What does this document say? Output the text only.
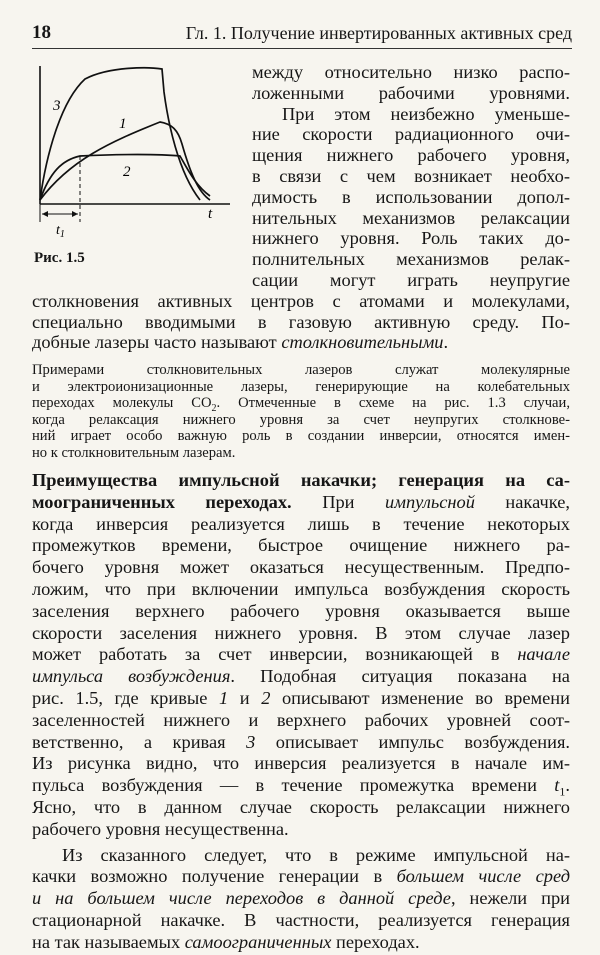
18	Гл. 1. Получение инвертированных активных сред
3
1
2
t
$t_1$
Рис. 1.5
между относительно низко распо-
ложенными рабочими уровнями.
При этом неизбежно уменьше-
ние скорости радиационного очи-
щения нижнего рабочего уровня,
в связи с чем возникает необхо-
димость в использовании допол-
нительных механизмов релаксации
нижнего уровня. Роль таких до-
полнительных механизмов релак-
сации могут играть неупругие
столкновения активных центров с атомами и молекулами,
специально вводимыми в газовую активную среду. По-
добные лазеры часто называют столкновительными.
Примерами столкновительных лазеров служат молекулярные
и электроионизационные лазеры, генерирующие на колебательных
переходах молекулы $CO_2$. Отмеченные в схеме на рис. 1.3 случаи,
когда релаксация нижнего уровня за счет неупругих столкнове-
ний играет особо важную роль в создании инверсии, относятся имен-
но к столкновительным лазерам.
Преимущества импульсной накачки; генерация на са-
моограниченных переходах. При импульсной накачке,
когда инверсия реализуется лишь в течение некоторых
промежутков времени, быстрое очищение нижнего ра-
бочего уровня может оказаться несущественным. Предпо-
ложим, что при включении импульса возбуждения скорость
заселения верхнего рабочего уровня оказывается выше
скорости заселения нижнего уровня. В этом случае лазер
может работать за счет инверсии, возникающей в начале
импульса возбуждения. Подобная ситуация показана на
рис. 1.5, где кривые 1 и 2 описывают изменение во времени
заселенностей нижнего и верхнего рабочих уровней соот-
ветственно, а кривая 3 описывает импульс возбуждения.
Из рисунка видно, что инверсия реализуется в начале им-
пульса возбуждения — в течение промежутка времени $t_1$.
Ясно, что в данном случае скорость релаксации нижнего
рабочего уровня несущественна.
Из сказанного следует, что в режиме импульсной на-
качки возможно получение генерации в большем числе сред
и на большем числе переходов в данной среде, нежели при
стационарной накачке. В частности, реализуется генерация
на так называемых самоограниченных переходах.
